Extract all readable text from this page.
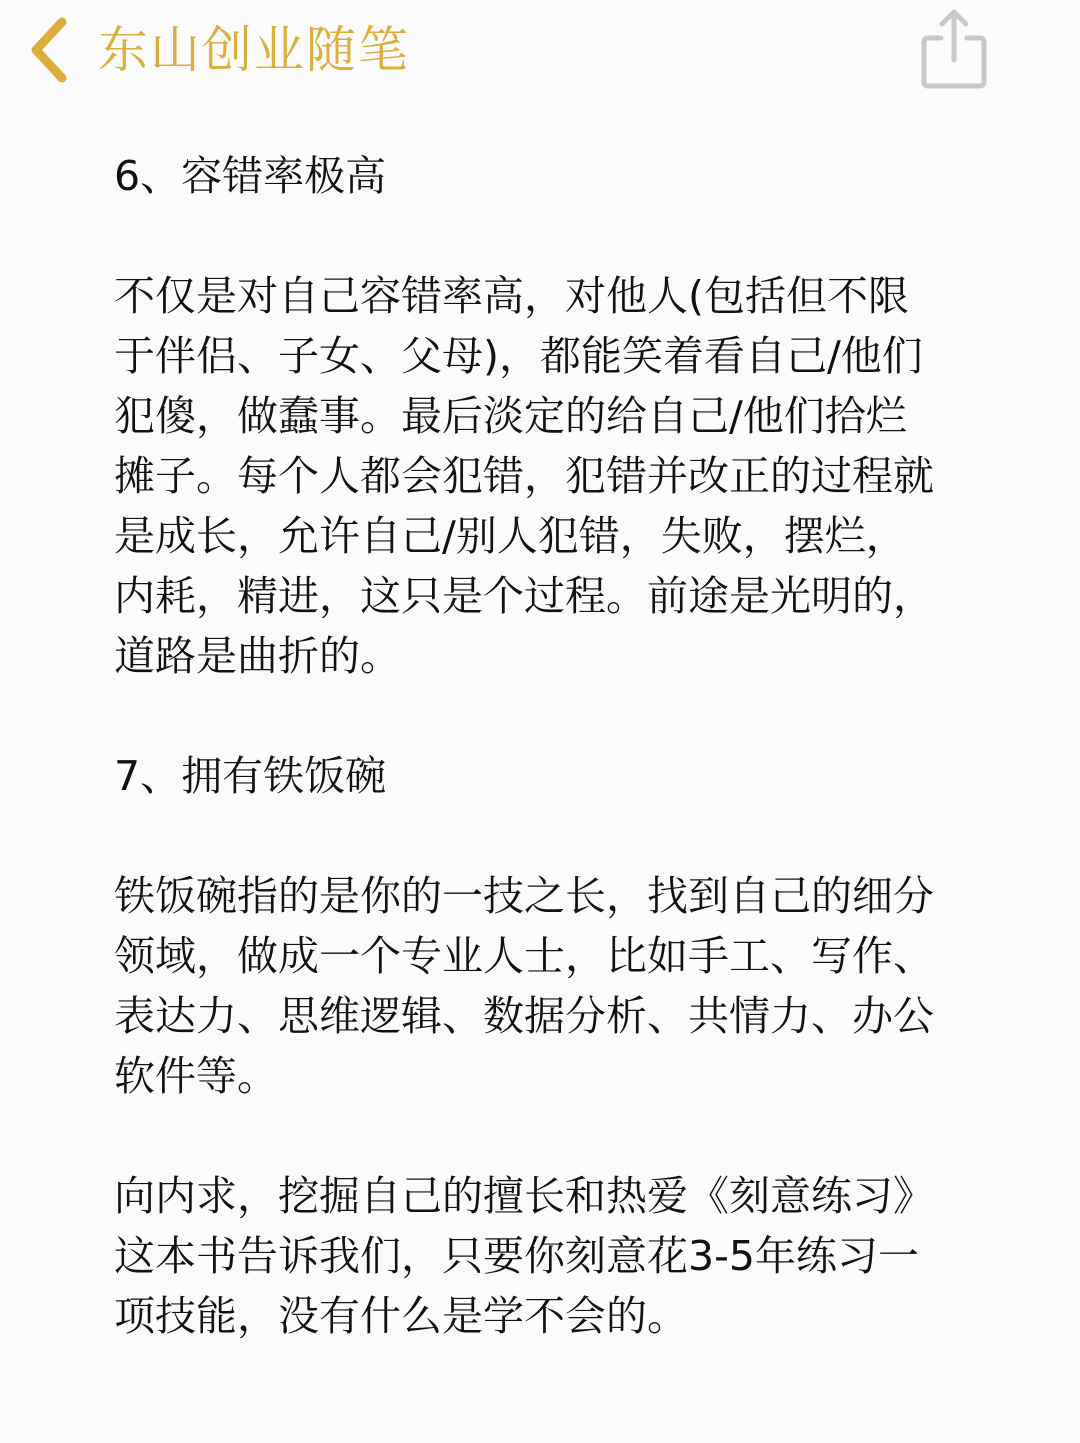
东山创业随笔

6、容错率极高

不仅是对自己容错率高，对他人(包括但不限
于伴侣、子女、父母)，都能笑着看自己/他们
犯傻，做蠢事。最后淡定的给自己/他们拾烂
摊子。每个人都会犯错，犯错并改正的过程就
是成长，允许自己/别人犯错，失败，摆烂，
内耗，精进，这只是个过程。前途是光明的，
道路是曲折的。

7、拥有铁饭碗

铁饭碗指的是你的一技之长，找到自己的细分
领域，做成一个专业人士，比如手工、写作、
表达力、思维逻辑、数据分析、共情力、办公
软件等。

向内求，挖掘自己的擅长和热爱《刻意练习》
这本书告诉我们，只要你刻意花3-5年练习一
项技能，没有什么是学不会的。
